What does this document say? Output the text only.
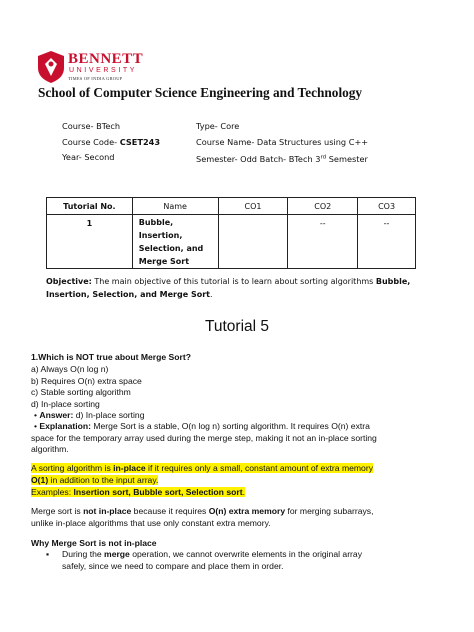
BENNETT
UNIVERSITY
TIMES OF INDIA GROUP
School of Computer Science Engineering and Technology
Course- BTech	Type- Core
Course Code- CSET243	Course Name- Data Structures using C++
Year- Second	Semester- Odd Batch- BTech 3rd Semester
Tutorial No.	Name	CO1	CO2	CO3
1	Bubble, Insertion,
Selection, and
Merge Sort		--	--
Objective: The main objective of this tutorial is to learn about sorting algorithms Bubble,
Insertion, Selection, and Merge Sort.
Tutorial 5
1.Which is NOT true about Merge Sort?
a) Always O(n log n)
b) Requires O(n) extra space
c) Stable sorting algorithm
d) In-place sorting
• Answer: d) In-place sorting
• Explanation: Merge Sort is a stable, O(n log n) sorting algorithm. It requires O(n) extra
space for the temporary array used during the merge step, making it not an in-place sorting
algorithm.
A sorting algorithm is in-place if it requires only a small, constant amount of extra memory
O(1) in addition to the input array.
Examples: Insertion sort, Bubble sort, Selection sort.
Merge sort is not in-place because it requires O(n) extra memory for merging subarrays,
unlike in-place algorithms that use only constant extra memory.
Why Merge Sort is not in-place
▪ During the merge operation, we cannot overwrite elements in the original array
safely, since we need to compare and place them in order.
